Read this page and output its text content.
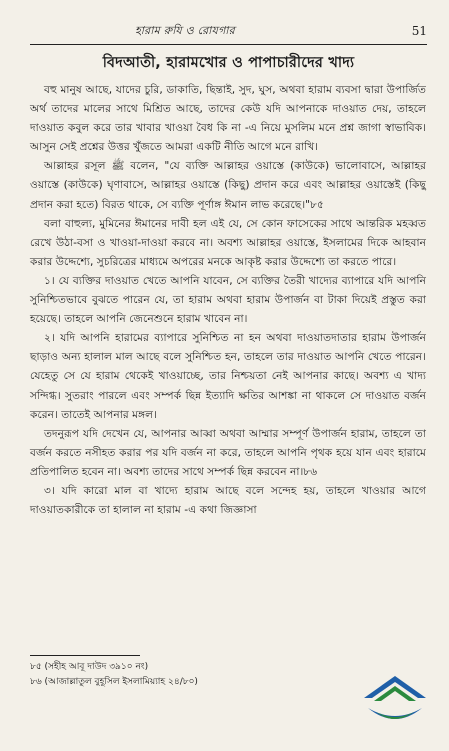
হারাম রুযি ও রোযগার	51
বিদআতী, হারামখোর ও পাপাচারীদের খাদ্য

বহু মানুষ আছে, যাদের চুরি, ডাকাতি, ছিন্তাই, সুদ, ঘুস, অথবা হারাম ব্যবসা দ্বারা উপার্জিত অর্থ তাদের মালের সাথে মিশ্রিত আছে, তাদের কেউ যদি আপনাকে দাওয়াত দেয়, তাহলে দাওয়াত কবুল করে তার খাবার খাওয়া বৈধ কি না -এ নিয়ে মুসলিম মনে প্রশ্ন জাগা স্বাভাবিক। আসুন সেই প্রশ্নের উত্তর খুঁজতে আমরা একটি নীতি আগে মনে রাখি।

আল্লাহর রসূল ﷺ বলেন, "যে ব্যক্তি আল্লাহর ওয়াস্তে (কাউকে) ভালোবাসে, আল্লাহর ওয়াস্তে (কাউকে) ঘৃণাবাসে, আল্লাহর ওয়াস্তে (কিছু) প্রদান করে এবং আল্লাহর ওয়াস্তেই (কিছু প্রদান করা হতে) বিরত থাকে, সে ব্যক্তি পূর্ণাঙ্গ ঈমান লাভ করেছে।"৮৫

বলা বাহুল্য, মুমিনের ঈমানের দাবী হল এই যে, সে কোন ফাসেকের সাথে আন্তরিক মহব্বত রেখে উঠা-বসা ও খাওয়া-দাওয়া করবে না। অবশ্য আল্লাহর ওয়াস্তে, ইসলামের দিকে আহবান করার উদ্দেশ্যে, সুচরিত্রের মাধ্যমে অপরের মনকে আকৃষ্ট করার উদ্দেশ্যে তা করতে পারে।

১। যে ব্যক্তির দাওয়াত খেতে আপনি যাবেন, সে ব্যক্তির তৈরী খাদ্যের ব্যাপারে যদি আপনি সুনিশ্চিতভাবে বুঝতে পারেন যে, তা হারাম অথবা হারাম উপার্জন বা টাকা দিয়েই প্রস্তুত করা হয়েছে। তাহলে আপনি জেনেশুনে হারাম খাবেন না।

২। যদি আপনি হারামের ব্যাপারে সুনিশ্চিত না হন অথবা দাওয়াতদাতার হারাম উপার্জন ছাড়াও অন্য হালাল মাল আছে বলে সুনিশ্চিত হন, তাহলে তার দাওয়াত আপনি খেতে পারেন। যেহেতু সে যে হারাম থেকেই খাওয়াচ্ছে, তার নিশ্চয়তা নেই আপনার কাছে। অবশ্য এ খাদ্য সন্দিগ্ধ। সুতরাং পারলে এবং সম্পর্ক ছিন্ন ইত্যাদি ক্ষতির আশঙ্কা না থাকলে সে দাওয়াত বর্জন করেন। তাতেই আপনার মঙ্গল।

তদনুরূপ যদি দেখেন যে, আপনার আব্বা অথবা আম্মার সম্পূর্ণ উপার্জন হারাম, তাহলে তা বর্জন করতে নসীহত করার পর যদি বর্জন না করে, তাহলে আপনি পৃথক হয়ে যান এবং হারামে প্রতিপালিত হবেন না। অবশ্য তাদের সাথে সম্পর্ক ছিন্ন করবেন না।৮৬

৩। যদি কারো মাল বা খাদ্যে হারাম আছে বলে সন্দেহ হয়, তাহলে খাওয়ার আগে দাওয়াতকারীকে তা হালাল না হারাম -এ কথা জিজ্ঞাসা

৮৫ (সহীহ আবূ দাউদ ৩৯১০ নং)
৮৬ (আজাল্লাতুল বুহূসিল ইসলামিয়্যাহ ২৪/৮০)
